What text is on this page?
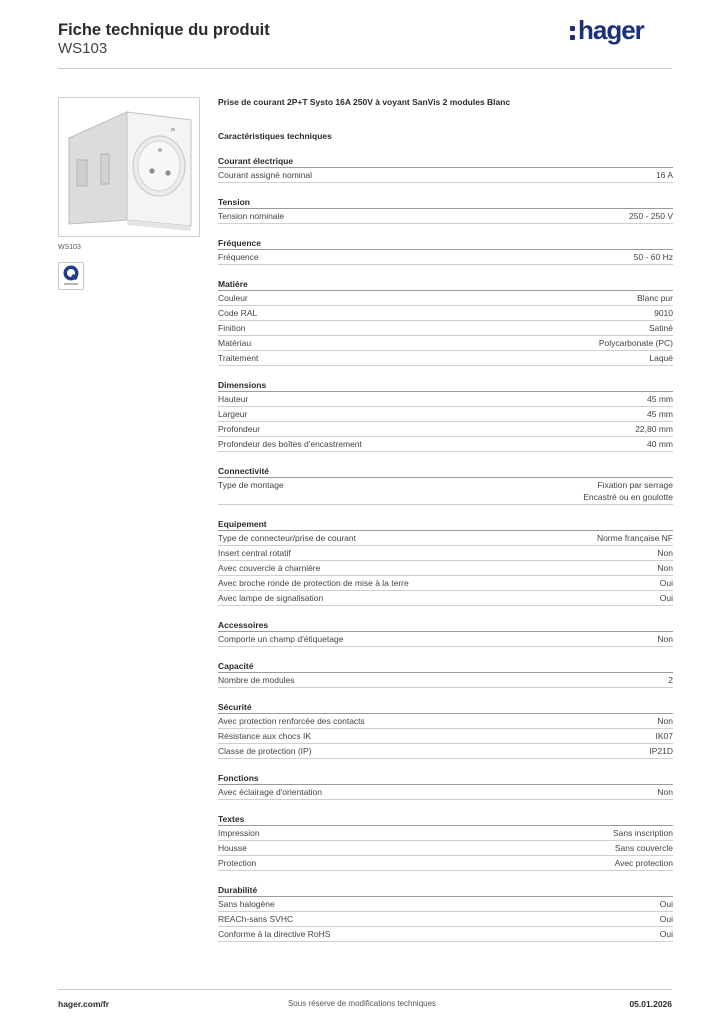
Fiche technique du produit
WS103
hager
WS103
Prise de courant 2P+T Systo 16A 250V à voyant SanVis 2 modules Blanc
Caractéristiques techniques
Courant électrique
Courant assigné nominal	16 A
Tension
Tension nominale	250 - 250 V
Fréquence
Fréquence	50 - 60 Hz
Matière
Couleur	Blanc pur
Code RAL	9010
Finition	Satiné
Matériau	Polycarbonate (PC)
Traitement	Laqué
Dimensions
Hauteur	45 mm
Largeur	45 mm
Profondeur	22,80 mm
Profondeur des boîtes d'encastrement	40 mm
Connectivité
Type de montage	Fixation par serrage
Encastré ou en goulotte
Equipement
Type de connecteur/prise de courant	Norme française NF
Insert central rotatif	Non
Avec couvercle à charnière	Non
Avec broche ronde de protection de mise à la terre	Oui
Avec lampe de signalisation	Oui
Accessoires
Comporte un champ d'étiquetage	Non
Capacité
Nombre de modules	2
Sécurité
Avec protection renforcée des contacts	Non
Résistance aux chocs IK	IK07
Classe de protection (IP)	IP21D
Fonctions
Avec éclairage d'orientation	Non
Textes
Impression	Sans inscription
Housse	Sans couvercle
Protection	Avec protection
Durabilité
Sans halogène	Oui
REACh-sans SVHC	Oui
Conforme à la directive RoHS	Oui
hager.com/fr	Sous réserve de modifications techniques	05.01.2026
